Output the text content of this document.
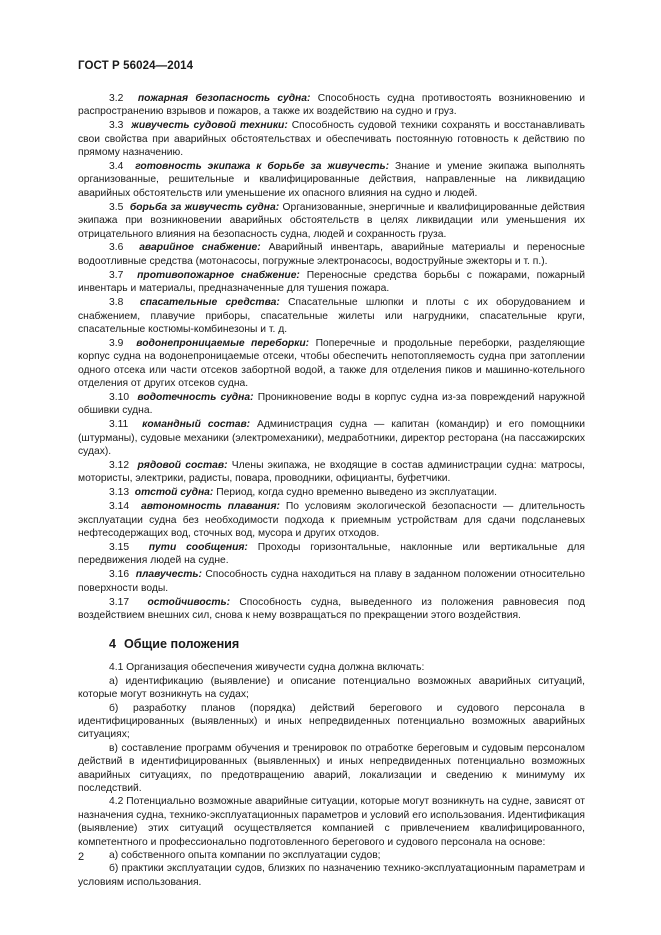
ГОСТ Р 56024—2014

3.2 пожарная безопасность судна: Способность судна противостоять возникновению и распространению взрывов и пожаров, а также их воздействию на судно и груз.

3.3 живучесть судовой техники: Способность судовой техники сохранять и восстанавливать свои свойства при аварийных обстоятельствах и обеспечивать постоянную готовность к действию по прямому назначению.

3.4 готовность экипажа к борьбе за живучесть: Знание и умение экипажа выполнять организованные, решительные и квалифицированные действия, направленные на ликвидацию аварийных обстоятельств или уменьшение их опасного влияния на судно и людей.

3.5 борьба за живучесть судна: Организованные, энергичные и квалифицированные действия экипажа при возникновении аварийных обстоятельств в целях ликвидации или уменьшения их отрицательного влияния на безопасность судна, людей и сохранность груза.

3.6 аварийное снабжение: Аварийный инвентарь, аварийные материалы и переносные водоотливные средства (мотонасосы, погружные электронасосы, водоструйные эжекторы и т. п.).

3.7 противопожарное снабжение: Переносные средства борьбы с пожарами, пожарный инвентарь и материалы, предназначенные для тушения пожара.

3.8 спасательные средства: Спасательные шлюпки и плоты с их оборудованием и снабжением, плавучие приборы, спасательные жилеты или нагрудники, спасательные круги, спасательные костюмы-комбинезоны и т. д.

3.9 водонепроницаемые переборки: Поперечные и продольные переборки, разделяющие корпус судна на водонепроницаемые отсеки, чтобы обеспечить непотопляемость судна при затоплении одного отсека или части отсеков забортной водой, а также для отделения пиков и машинно-котельного отделения от других отсеков судна.

3.10 водотечность судна: Проникновение воды в корпус судна из-за повреждений наружной обшивки судна.

3.11 командный состав: Администрация судна — капитан (командир) и его помощники (штурманы), судовые механики (электромеханики), медработники, директор ресторана (на пассажирских судах).

3.12 рядовой состав: Члены экипажа, не входящие в состав администрации судна: матросы, мотористы, электрики, радисты, повара, проводники, официанты, буфетчики.

3.13 отстой судна: Период, когда судно временно выведено из эксплуатации.

3.14 автономность плавания: По условиям экологической безопасности — длительность эксплуатации судна без необходимости подхода к приемным устройствам для сдачи подсланевых нефтесодержащих вод, сточных вод, мусора и других отходов.

3.15 пути сообщения: Проходы горизонтальные, наклонные или вертикальные для передвижения людей на судне.

3.16 плавучесть: Способность судна находиться на плаву в заданном положении относительно поверхности воды.

3.17 остойчивость: Способность судна, выведенного из положения равновесия под воздействием внешних сил, снова к нему возвращаться по прекращении этого воздействия.

4 Общие положения

4.1 Организация обеспечения живучести судна должна включать:

а) идентификацию (выявление) и описание потенциально возможных аварийных ситуаций, которые могут возникнуть на судах;

б) разработку планов (порядка) действий берегового и судового персонала в идентифицированных (выявленных) и иных непредвиденных потенциально возможных аварийных ситуациях;

в) составление программ обучения и тренировок по отработке береговым и судовым персоналом действий в идентифицированных (выявленных) и иных непредвиденных потенциально возможных аварийных ситуациях, по предотвращению аварий, локализации и сведению к минимуму их последствий.

4.2 Потенциально возможные аварийные ситуации, которые могут возникнуть на судне, зависят от назначения судна, технико-эксплуатационных параметров и условий его использования. Идентификация (выявление) этих ситуаций осуществляется компанией с привлечением квалифицированного, компетентного и профессионально подготовленного берегового и судового персонала на основе:

а) собственного опыта компании по эксплуатации судов;

б) практики эксплуатации судов, близких по назначению технико-эксплуатационным параметрам и условиям использования.

2
